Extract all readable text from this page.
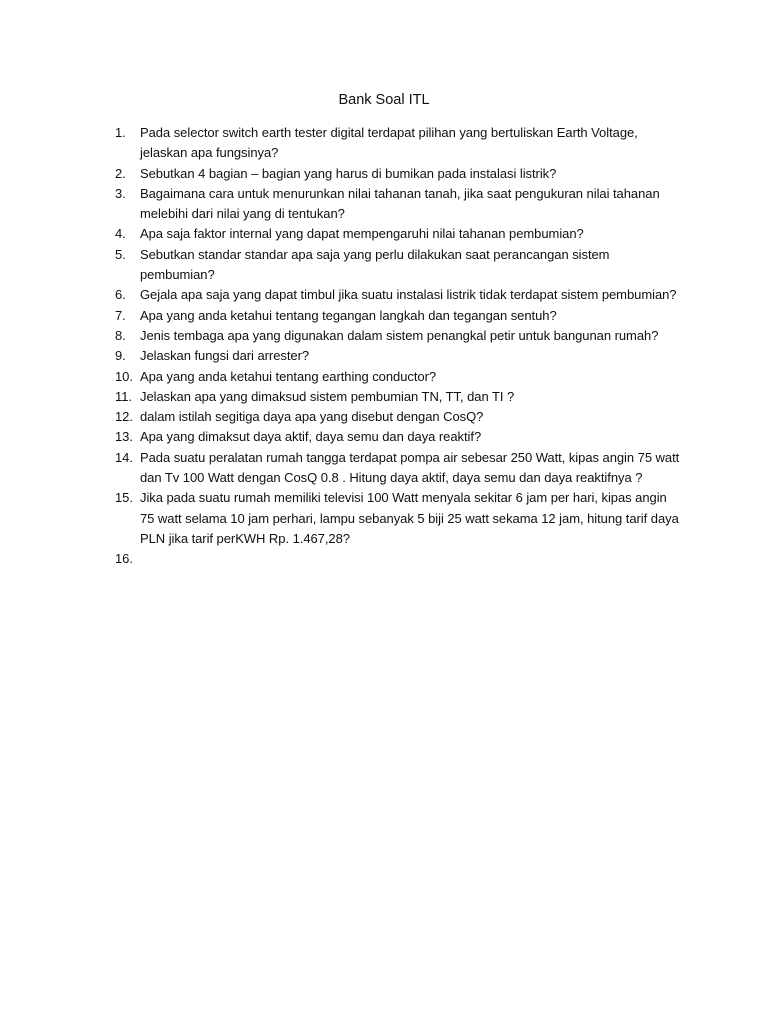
Bank Soal ITL
1. Pada selector switch earth tester digital terdapat pilihan yang bertuliskan Earth Voltage, jelaskan apa fungsinya?
2. Sebutkan 4 bagian – bagian yang harus di bumikan pada instalasi listrik?
3. Bagaimana cara untuk menurunkan nilai tahanan tanah, jika saat pengukuran nilai tahanan melebihi dari nilai yang di tentukan?
4. Apa saja faktor internal yang dapat mempengaruhi nilai tahanan pembumian?
5. Sebutkan standar standar apa saja yang perlu dilakukan saat perancangan sistem pembumian?
6. Gejala apa saja yang dapat timbul jika suatu instalasi listrik tidak terdapat sistem pembumian?
7. Apa yang anda ketahui tentang tegangan langkah dan tegangan sentuh?
8. Jenis tembaga apa yang digunakan dalam sistem penangkal petir untuk bangunan rumah?
9. Jelaskan fungsi dari arrester?
10. Apa yang anda ketahui tentang earthing conductor?
11. Jelaskan apa yang dimaksud sistem pembumian TN, TT, dan TI ?
12. dalam istilah segitiga daya apa yang disebut dengan CosQ?
13. Apa yang dimaksut daya aktif, daya semu dan daya reaktif?
14. Pada suatu peralatan rumah tangga terdapat pompa air sebesar 250 Watt, kipas angin 75 watt dan Tv 100 Watt dengan CosQ 0.8 . Hitung daya aktif, daya semu dan daya reaktifnya ?
15. Jika pada suatu rumah memiliki televisi 100 Watt menyala sekitar 6 jam per hari, kipas angin 75 watt selama 10 jam perhari, lampu sebanyak 5 biji 25 watt sekama 12 jam, hitung tarif daya PLN jika tarif perKWH Rp. 1.467,28?
16.
